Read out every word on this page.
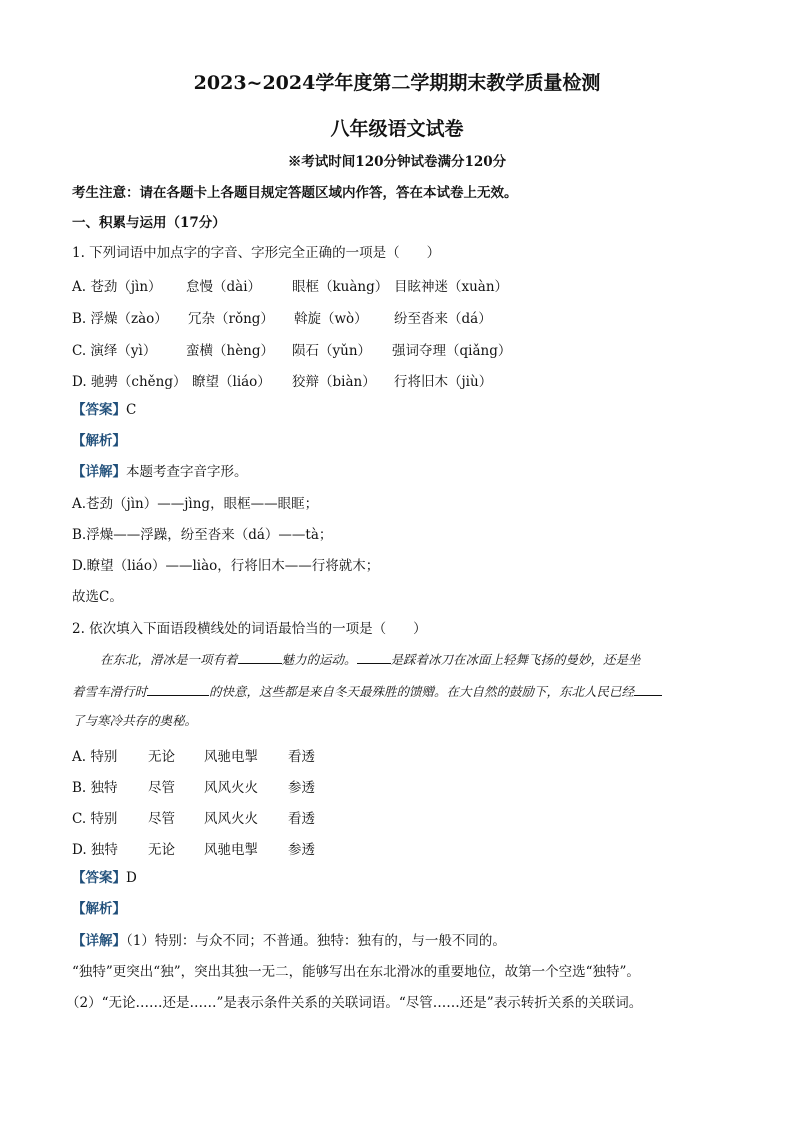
2023~2024学年度第二学期期末教学质量检测
八年级语文试卷
※考试时间120分钟试卷满分120分
考生注意：请在各题卡上各题目规定答题区域内作答，答在本试卷上无效。
一、积累与运用（17分）
1. 下列词语中加点字的字音、字形完全正确的一项是（　　）
A. 苍劲（jìn） 怠慢（dài） 眼框（kuàng） 目眩神迷（xuàn）
B. 浮燥（zào） 冗杂（rǒng） 斡旋（wò） 纷至沓来（dá）
C. 演绎（yì） 蛮横（hèng） 陨石（yǔn） 强词夺理（qiǎng）
D. 驰骋（chěng） 瞭望（liáo） 狡辩（biàn） 行将旧木（jiù）
【答案】C
【解析】
【详解】本题考查字音字形。
A.苍劲（jìn）——jìng，眼框——眼眶；
B.浮燥——浮躁，纷至沓来（dá）——tà；
D.瞭望（liáo）——liào，行将旧木——行将就木；
故选C。
2. 依次填入下面语段横线处的词语最恰当的一项是（　　）
在东北，滑冰是一项有着	魅力的运动。	是踩着冰刀在冰面上轻舞飞扬的曼妙，还是坐
着雪车滑行时	的快意，这些都是来自冬天最殊胜的馈赠。在大自然的鼓励下，东北人民已经
了与寒冷共存的奥秘。
A. 特别 无论 风驰电掣 看透
B. 独特 尽管 风风火火 参透
C. 特别 尽管 风风火火 看透
D. 独特 无论 风驰电掣 参透
【答案】D
【解析】
【详解】（1）特别：与众不同；不普通。独特：独有的，与一般不同的。
“独特”更突出“独”，突出其独一无二，能够写出在东北滑冰的重要地位，故第一个空选“独特”。
（2）“无论……还是……”是表示条件关系的关联词语。“尽管……还是”表示转折关系的关联词。
